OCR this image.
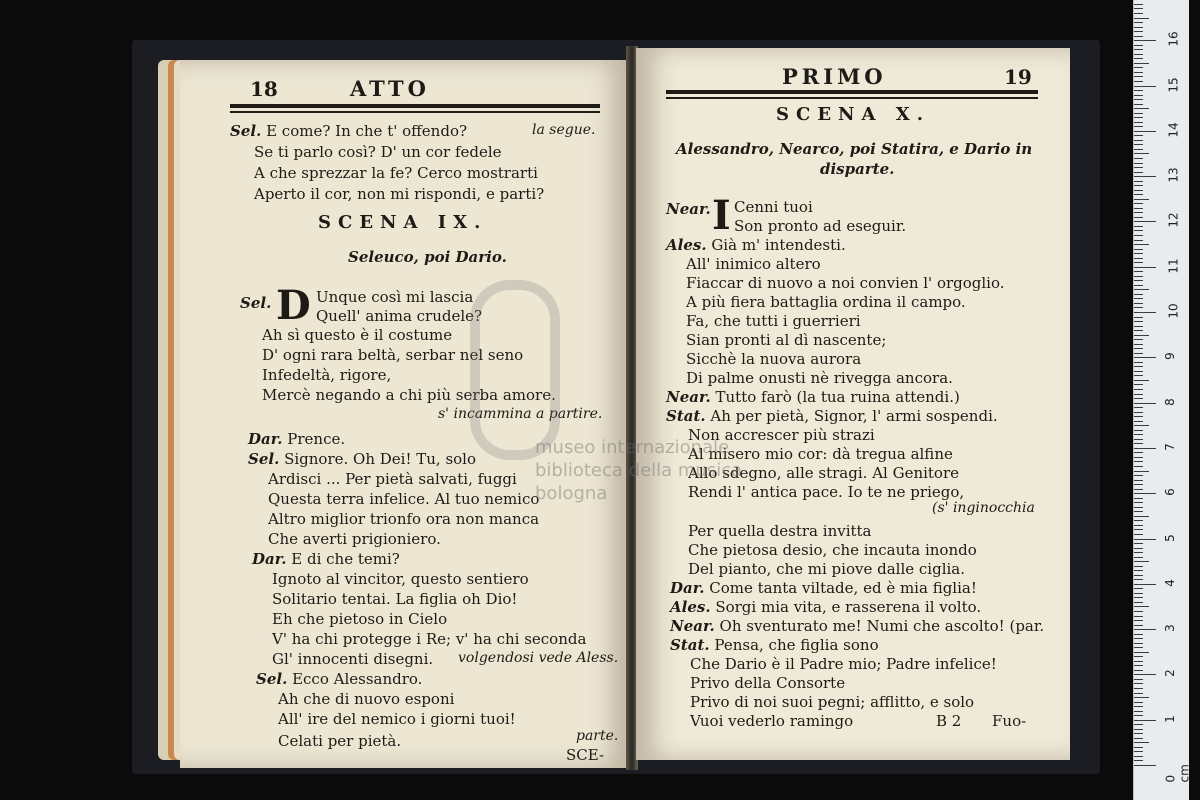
18	ATTO
Sel. E come? In che t' offendo?	la segue.
Se ti parlo così? D' un cor fedele
A che sprezzar la fe? Cerco mostrarti
Aperto il cor, non mi rispondi, e parti?
SCENA IX.
Seleuco, poi Dario.
Sel. D Unque così mi lascia
Quell' anima crudele?
Ah sì questo è il costume
D' ogni rara beltà, serbar nel seno
Infedeltà, rigore,
Mercè negando a chi più serba amore.
s' incammina a partire.
Dar. Prence.
Sel. Signore. Oh Dei! Tu, solo
Ardisci ... Per pietà salvati, fuggi
Questa terra infelice. Al tuo nemico
Altro miglior trionfo ora non manca
Che averti prigioniero.
Dar. E di che temi?
Ignoto al vincitor, questo sentiero
Solitario tentai. La figlia oh Dio!
Eh che pietoso in Cielo
V' ha chi protegge i Re; v' ha chi seconda
Gl' innocenti disegni. volgendosi vede Aless.
Sel. Ecco Alessandro.
Ah che di nuovo esponi
All' ire del nemico i giorni tuoi!
parte.
Celati per pietà.
SCE-
PRIMO	19
SCENA X.
Alessandro, Nearco, poi Statira, e Dario in
disparte.
Near. I Cenni tuoi
Son pronto ad eseguir.
Ales. Già m' intendesti.
All' inimico altero
Fiaccar di nuovo a noi convien l' orgoglio.
A più fiera battaglia ordina il campo.
Fa, che tutti i guerrieri
Sian pronti al dì nascente;
Sicchè la nuova aurora
Di palme onusti nè rivegga ancora.
Near. Tutto farò (la tua ruina attendi.)
Stat. Ah per pietà, Signor, l' armi sospendi.
Non accrescer più strazi
Al misero mio cor: dà tregua alfine
Allo sdegno, alle stragi. Al Genitore
Rendi l' antica pace. Io te ne priego,
(s' inginocchia
Per quella destra invitta
Che pietosa desio, che incauta inondo
Del pianto, che mi piove dalle ciglia.
Dar. Come tanta viltade, ed è mia figlia!
Ales. Sorgi mia vita, e rasserena il volto.
Near. Oh sventurato me! Numi che ascolto! (par.
Stat. Pensa, che figlia sono
Che Dario è il Padre mio; Padre infelice!
Privo della Consorte
Privo di noi suoi pegni; afflitto, e solo
Vuoi vederlo ramingo	B 2 Fuo-
museo internazionale
biblioteca della musica
bologna
0 cm
1
2
3
4
5
6
7
8
9
10
11
12
13
14
15
16
